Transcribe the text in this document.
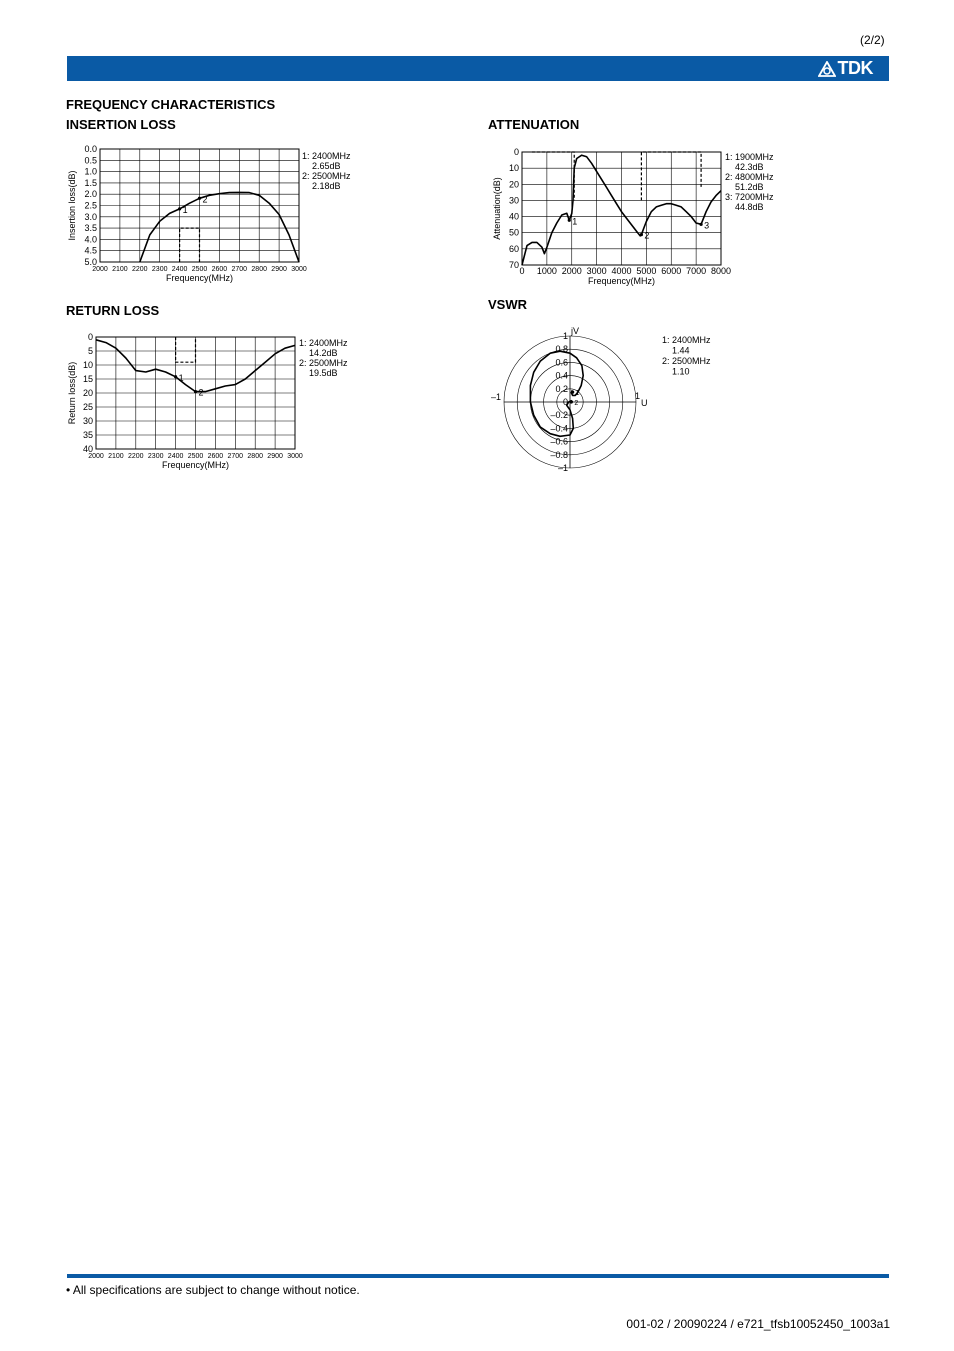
(2/2)
TDK
FREQUENCY CHARACTERISTICS
INSERTION LOSS	ATTENUATION
RETURN LOSS	VSWR
2000 2100 2200 2300 2400 2500 2600 2700 2800 2900 3000
0.0
0.5
1.0
1.5
2.0
2.5
3.0
3.5
4.0
4.5
5.0
Frequency(MHz)
Insertion loss(dB)	1
2
1: 2400MHz
2.65dB
2: 2500MHz
2.18dB
0 1000 2000 3000 4000 5000 6000 7000 8000
0
10
20
30
40
50
60
70
Frequency(MHz)
Attenuation(dB)	1
2
3
1: 1900MHz
42.3dB
2: 4800MHz
51.2dB
3: 7200MHz
44.8dB
2000 2100 2200 2300 2400 2500 2600 2700 2800 2900 3000
0
5
10
15
20
25
30
35
40
Frequency(MHz)
Return loss(dB)	1
2
1: 2400MHz
14.2dB
2: 2500MHz
19.5dB
1
0.8
0.6
0.4
0.2
0
–0.2
–0.4
–0.6
–0.8
–1
–1	1
U
jV
1
2
1: 2400MHz
1.44
2: 2500MHz
1.10
• All specifications are subject to change without notice.
001-02 / 20090224 / e721_tfsb10052450_1003a1
